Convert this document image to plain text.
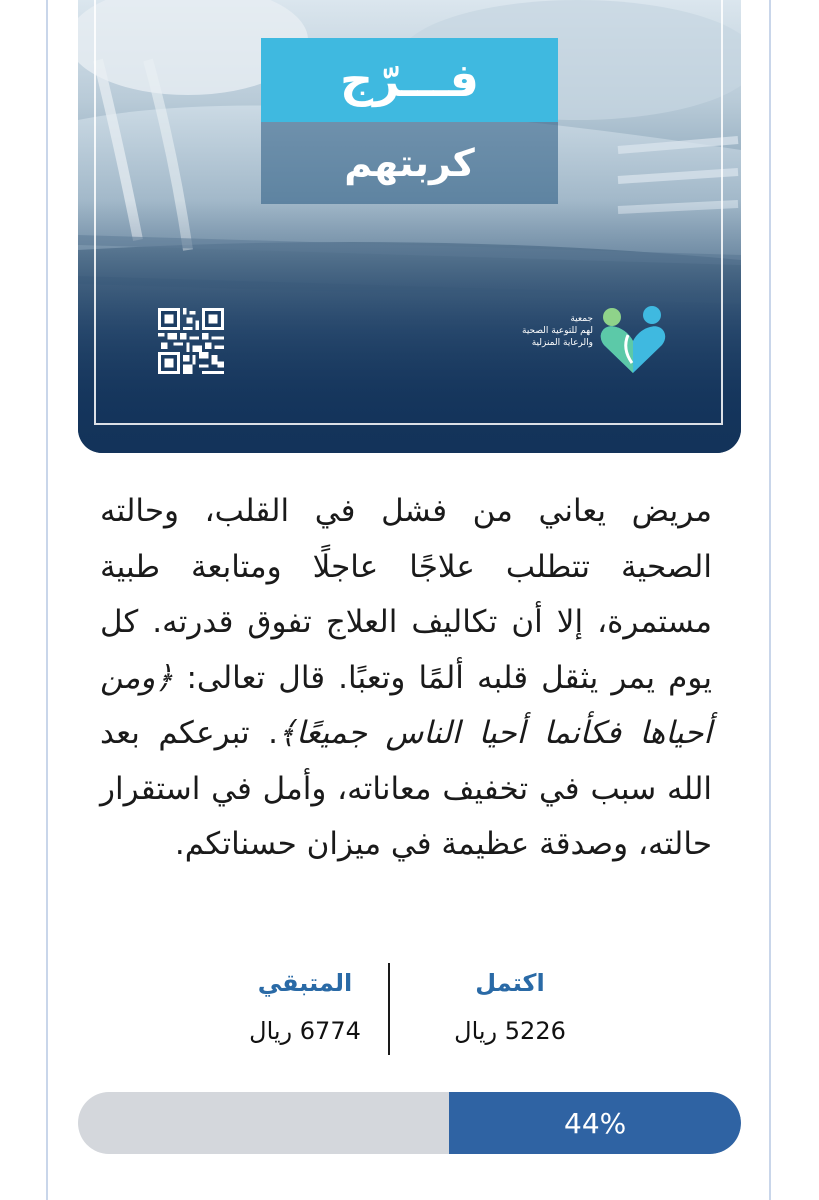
فـــرّج
كربتهم
جمعية
لهم للتوعية الصحية
والرعاية المنزلية
مريض يعاني من فشل في القلب، وحالته الصحية تتطلب علاجًا عاجلًا ومتابعة طبية مستمرة، إلا أن تكاليف العلاج تفوق قدرته. كل يوم يمر يثقل قلبه ألمًا وتعبًا. قال تعالى: ﴿ومن أحياها فكأنما أحيا الناس جميعًا﴾. تبرعكم بعد الله سبب في تخفيف معاناته، وأمل في استقرار حالته، وصدقة عظيمة في ميزان حسناتكم.
المتبقي
6774 ريال
اكتمل
5226 ريال
44%
